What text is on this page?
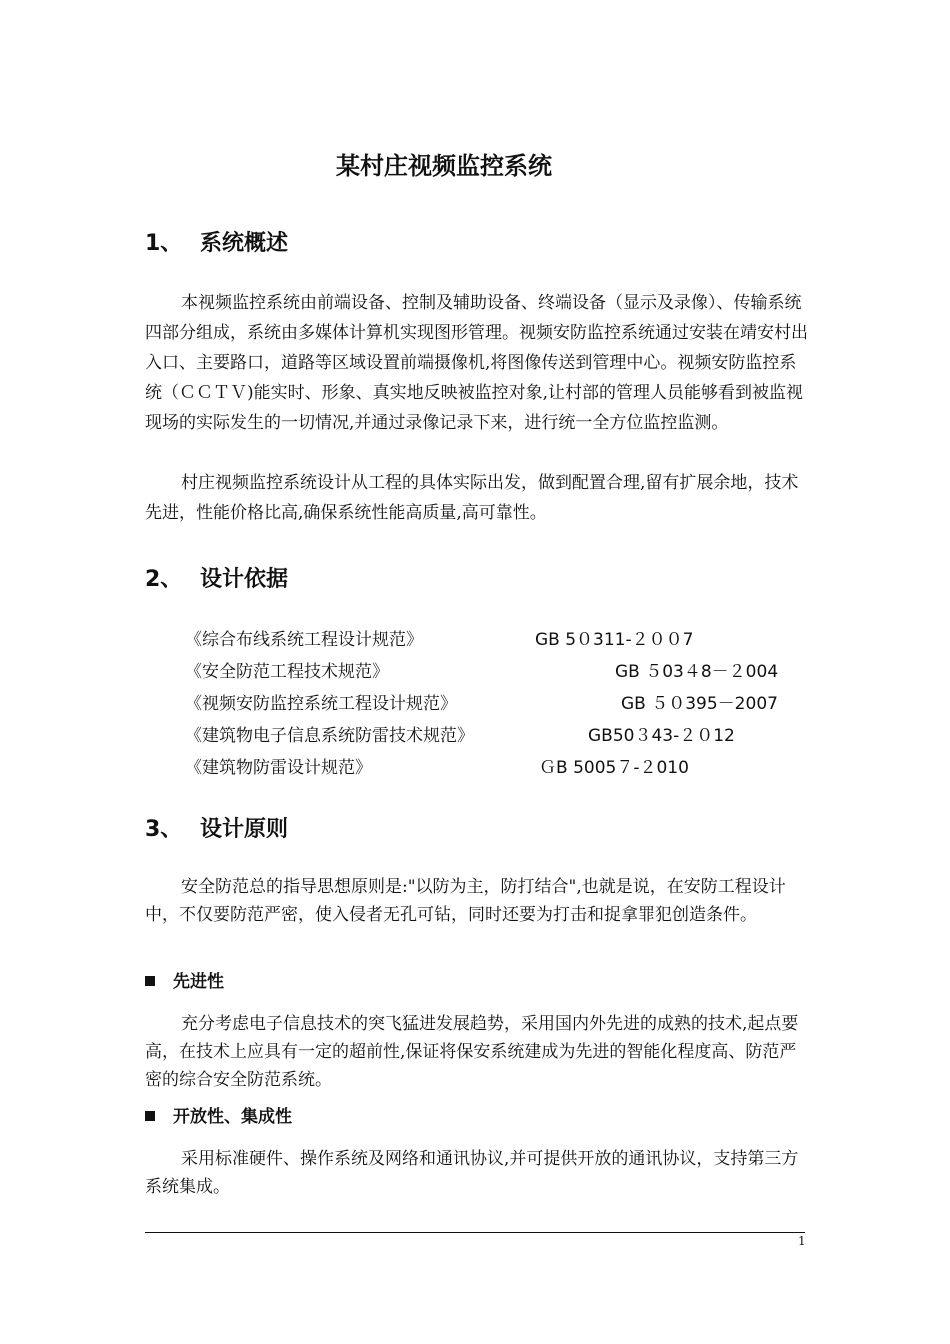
某村庄视频监控系统
1、 系统概述
本视频监控系统由前端设备、控制及辅助设备、终端设备（显示及录像）、传输系统四部分组成，系统由多媒体计算机实现图形管理。视频安防监控系统通过安装在靖安村出入口、主要路口，道路等区域设置前端摄像机,将图像传送到管理中心。视频安防监控系统（ＣＣＴＶ)能实时、形象、真实地反映被监控对象,让村部的管理人员能够看到被监视现场的实际发生的一切情况,并通过录像记录下来，进行统一全方位监控监测。
村庄视频监控系统设计从工程的具体实际出发，做到配置合理,留有扩展余地，技术先进，性能价格比高,确保系统性能高质量,高可靠性。
2、 设计依据
《综合布线系统工程设计规范》	GB 5０311-２００7
《安全防范工程技术规范》	GB ５03４8－２004
《视频安防监控系统工程设计规范》	GB ５０395－2007
《建筑物电子信息系统防雷技术规范》	GB50３43-２０12
《建筑物防雷设计规范》	ＧB 5005７-２010
3、 设计原则
安全防范总的指导思想原则是:"以防为主，防打结合",也就是说，在安防工程设计中，不仅要防范严密，使入侵者无孔可钻，同时还要为打击和捉拿罪犯创造条件。
先进性
充分考虑电子信息技术的突飞猛进发展趋势，采用国内外先进的成熟的技术,起点要高，在技术上应具有一定的超前性,保证将保安系统建成为先进的智能化程度高、防范严密的综合安全防范系统。
开放性、集成性
采用标准硬件、操作系统及网络和通讯协议,并可提供开放的通讯协议，支持第三方系统集成。
1
